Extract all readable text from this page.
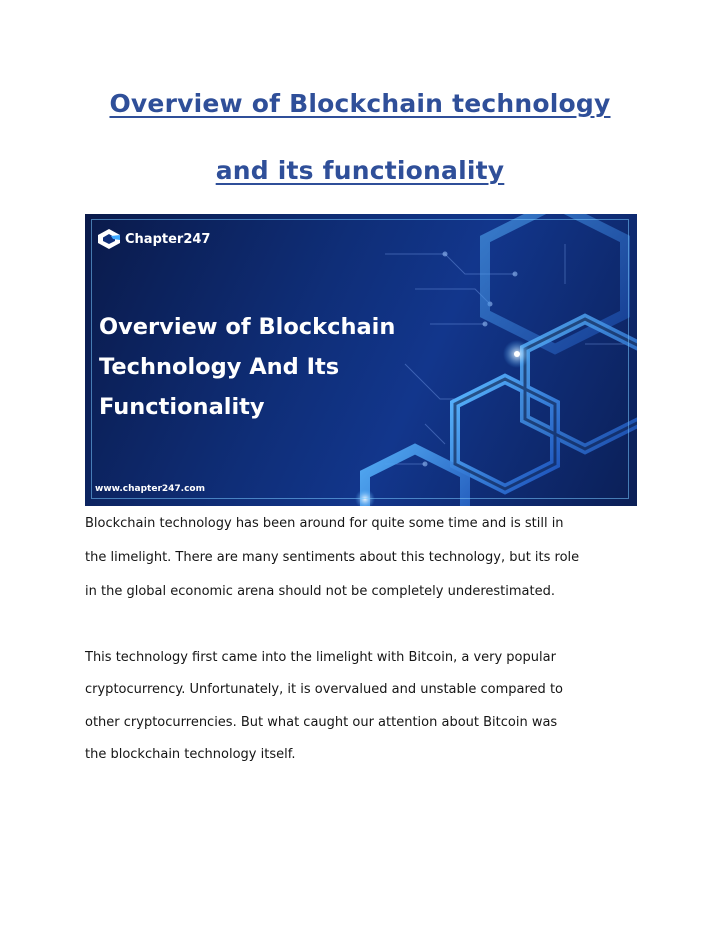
Overview of Blockchain technology
and its functionality
Chapter247
Overview of Blockchain
Technology And Its
Functionality
www.chapter247.com
Blockchain technology has been around for quite some time and is still in
the limelight. There are many sentiments about this technology, but its role
in the global economic arena should not be completely underestimated.
This technology first came into the limelight with Bitcoin, a very popular
cryptocurrency. Unfortunately, it is overvalued and unstable compared to
other cryptocurrencies. But what caught our attention about Bitcoin was
the blockchain technology itself.
